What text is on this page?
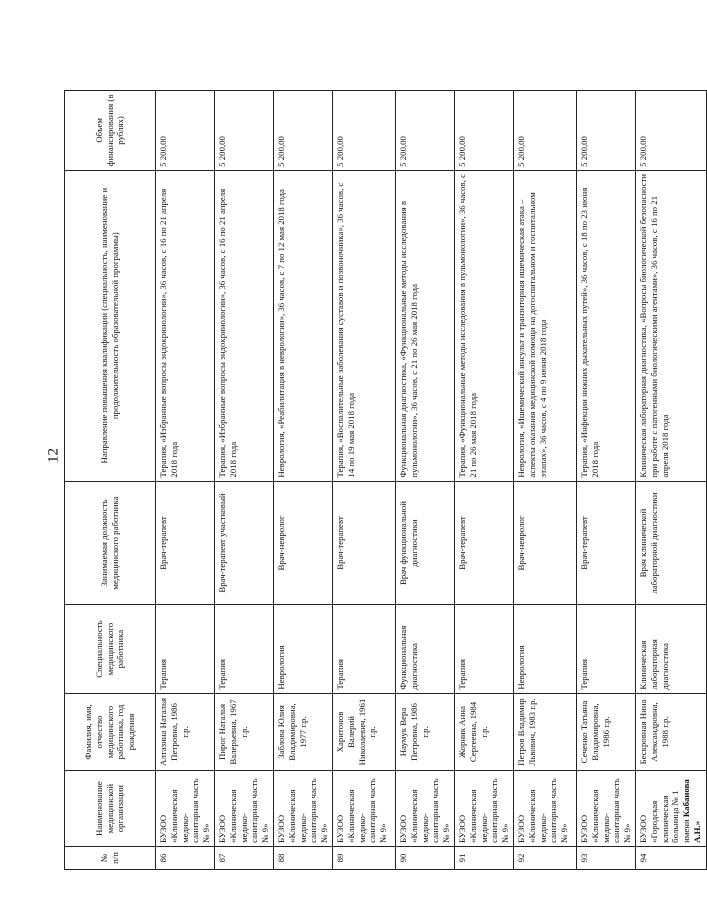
12
№ п/п	Наименование медицинской организации	Фамилия, имя, отчество медицинского работника, год рождения	Специальность медицинского работника	Занимаемая должность медицинского работника	Направление повышения квалификации (специальность, наименование и продолжительность образовательной программы)	Объем финансирования (в рублях)
86	БУЗОО «Клиническая медико-санитарная часть № 9»	Алтазина Наталья Петровна, 1986 г.р.	Терапия	Врач-терапевт	Терапия, «Избранные вопросы эндокринологии», 36 часов, с 16 по 21 апреля 2018 года	5 200,00
87	БУЗОО «Клиническая медико-санитарная часть № 9»	Пирог Наталья Валерьевна, 1967 г.р.	Терапия	Врач-терапевт участковый	Терапия, «Избранные вопросы эндокринологии», 36 часов, с 16 по 21 апреля 2018 года	5 200,00
88	БУЗОО «Клиническая медико-санитарная часть № 9»	Заблова Юлия Владимировна, 1977 г.р.	Неврология	Врач-невролог	Неврология, «Реабилитация в неврологии», 36 часов, с 7 по 12 мая 2018 года	5 200,00
89	БУЗОО «Клиническая медико-санитарная часть № 9»	Харитонов Валерий Николаевич, 1961 г.р.	Терапия	Врач-терапевт	Терапия, «Воспалительные заболевания суставов и позвоночника», 36 часов, с 14 по 19 мая 2018 года	5 200,00
90	БУЗОО «Клиническая медико-санитарная часть № 9»	Наумук Вера Петровна, 1986 г.р.	Функциональная диагностика	Врач функциональной диагностики	Функциональная диагностика, «Функциональные методы исследования в пульмонологии», 36 часов, с 21 по 26 мая 2018 года	5 200,00
91	БУЗОО «Клиническая медико-санитарная часть № 9»	Жорник Анна Сергеевна, 1984 г.р.	Терапия	Врач-терапевт	Терапия, «Функциональные методы исследования в пульмонологии», 36 часов, с 21 по 26 мая 2018 года	5 200,00
92	БУЗОО «Клиническая медико-санитарная часть № 9»	Петров Владимир Львович, 1983 г.р.	Неврология	Врач-невролог	Неврология, «Ишемический инсульт и транзиторная ишемическая атака – аспекты оказания медицинской помощи на догоспитальном и госпитальном этапах», 36 часов, с 4 по 9 июня 2018 года	5 200,00
93	БУЗОО «Клиническая медико-санитарная часть № 9»	Сеченко Татьяна Владимировна, 1986 г.р.	Терапия	Врач-терапевт	Терапия, «Инфекции нижних дыхательных путей», 36 часов, с 18 по 23 июня 2018 года	5 200,00
94	БУЗОО «Городская клиническая больница № 1 имени Кабанова А.Н.»	Бескровная Нина Александровна, 1988 г.р.	Клиническая лабораторная диагностика	Врач клинической лабораторной диагностики	Клиническая лабораторная диагностика, «Вопросы биологической безопасности при работе с патогенными биологическими агентами», 36 часов, с 16 по 21 апреля 2018 года	5 200,00
